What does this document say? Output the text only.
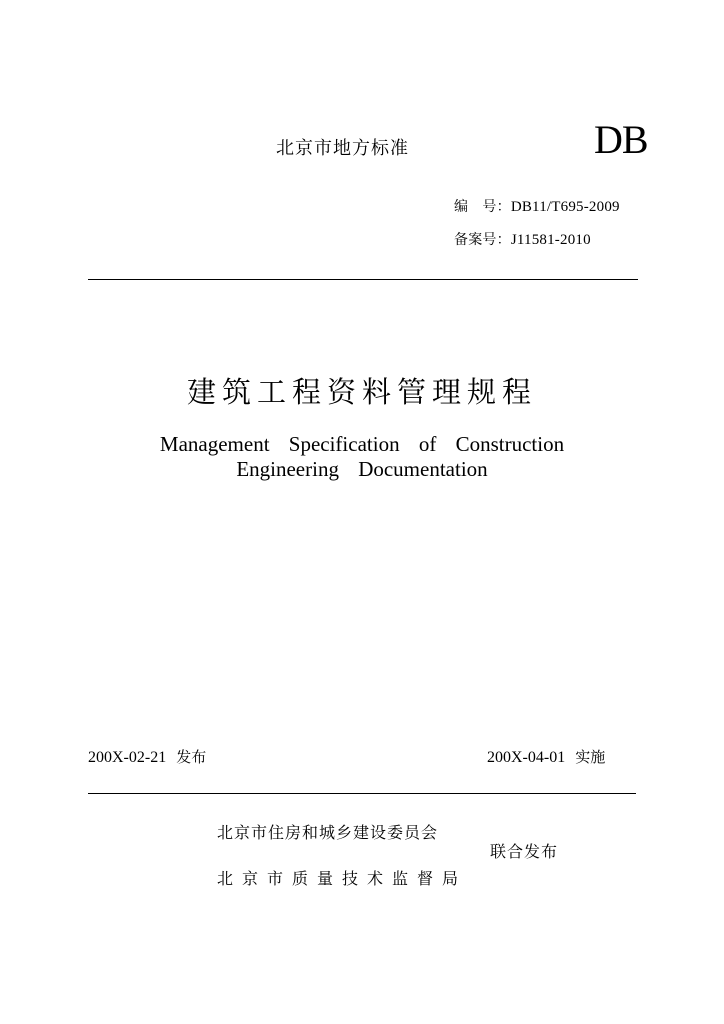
北京市地方标准	DB
编　号：DB11/T695-2009
备案号：J11581-2010
建筑工程资料管理规程
Management Specification of Construction
Engineering Documentation
200X-02-21 发布	200X-04-01 实施
北京市住房和城乡建设委员会
联合发布
北京市质量技术监督局
